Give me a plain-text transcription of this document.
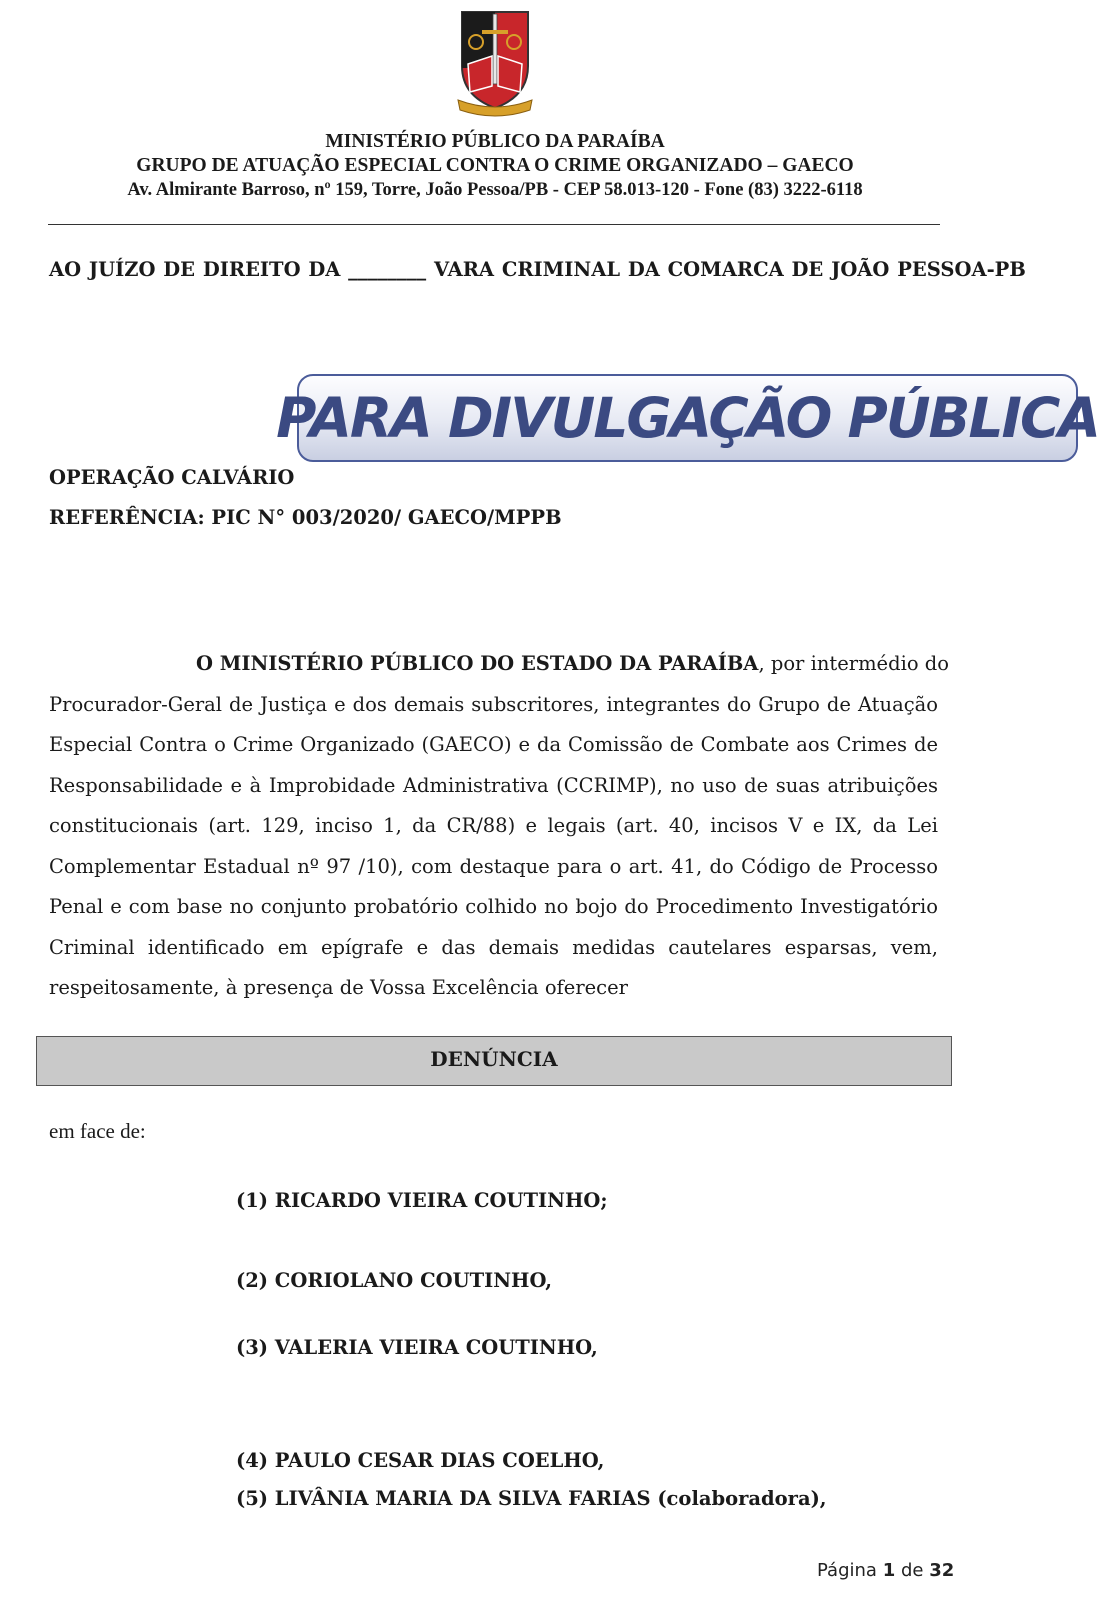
MINISTÉRIO PÚBLICO DA PARAÍBA
GRUPO DE ATUAÇÃO ESPECIAL CONTRA O CRIME ORGANIZADO – GAECO
Av. Almirante Barroso, nº 159, Torre, João Pessoa/PB - CEP 58.013-120 - Fone (83) 3222-6118
AO JUÍZO DE DIREITO DA ________ VARA CRIMINAL DA COMARCA DE JOÃO PESSOA-PB
PARA DIVULGAÇÃO PÚBLICA
OPERAÇÃO CALVÁRIO
REFERÊNCIA: PIC N° 003/2020/ GAECO/MPPB
O MINISTÉRIO PÚBLICO DO ESTADO DA PARAÍBA, por intermédio do
Procurador-Geral de Justiça e dos demais subscritores, integrantes do Grupo de Atuação
Especial Contra o Crime Organizado (GAECO) e da Comissão de Combate aos Crimes de
Responsabilidade e à Improbidade Administrativa (CCRIMP), no uso de suas atribuições
constitucionais (art. 129, inciso 1, da CR/88) e legais (art. 40, incisos V e IX, da Lei
Complementar Estadual nº 97 /10), com destaque para o art. 41, do Código de Processo
Penal e com base no conjunto probatório colhido no bojo do Procedimento Investigatório
Criminal identificado em epígrafe e das demais medidas cautelares esparsas, vem,
respeitosamente, à presença de Vossa Excelência oferecer
DENÚNCIA
em face de:
(1) RICARDO VIEIRA COUTINHO;
(2) CORIOLANO COUTINHO,
(3) VALERIA VIEIRA COUTINHO,
(4) PAULO CESAR DIAS COELHO,
(5) LIVÂNIA MARIA DA SILVA FARIAS (colaboradora),
Página 1 de 32
